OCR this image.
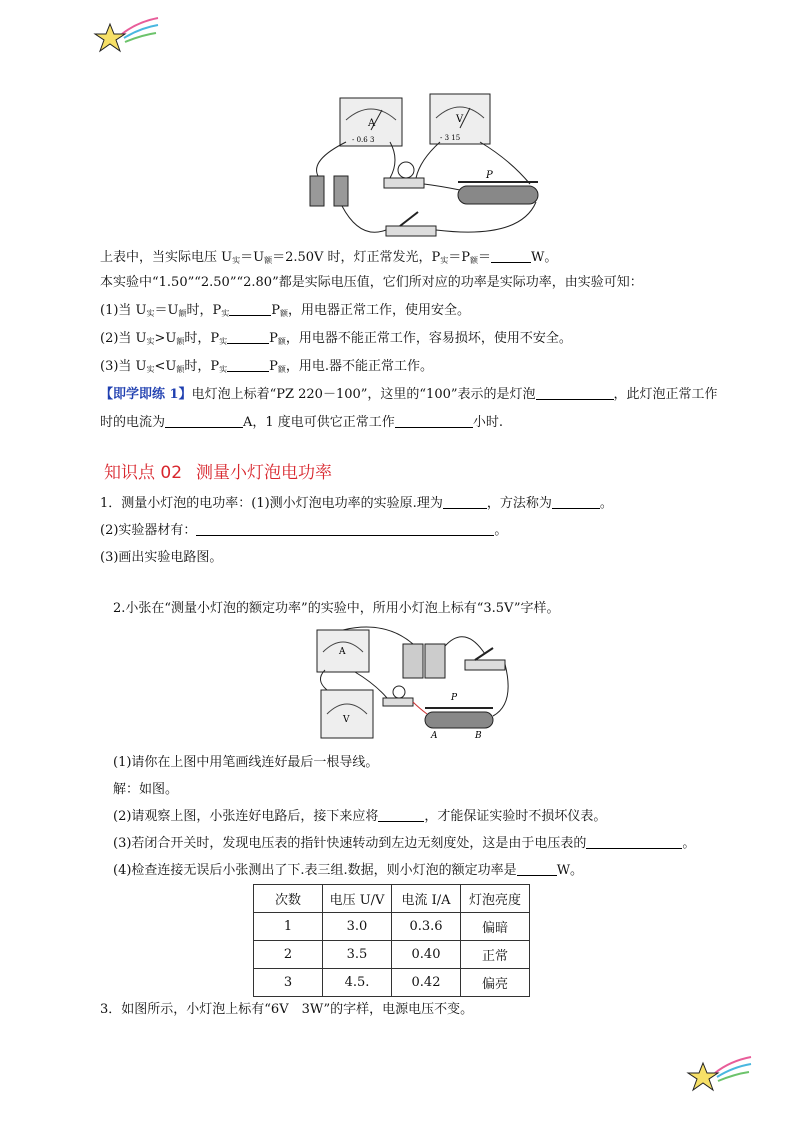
A
- 0.6 3
V
- 3 15
P
上表中，当实际电压 $U_实=U_额=2.50V$ 时，灯正常发光，$P_实=P_额=$	W。
本实验中“1.50”“2.50”“2.80”都是实际电压值，它们所对应的功率是实际功率，由实验可知：
(1)当 $U_实=U_额$时，$P_实$	$P_额$，用电器正常工作，使用安全。
(2)当 $U_实>U_额$时，$P_实$	$P_额$，用电器不能正常工作，容易损坏，使用不安全。
(3)当 $U_实<U_额$时，$P_实$	$P_额$，用电.器不能正常工作。
【即学即练 1】电灯泡上标着“PZ 220－100”，这里的“100”表示的是灯泡	，此灯泡正常工作
时的电流为	A，1 度电可供它正常工作	小时.
知识点 02 测量小灯泡电功率
1．测量小灯泡的电功率：(1)测小灯泡电功率的实验原.理为	，方法称为	。
(2)实验器材有：	。
(3)画出实验电路图。
2.小张在“测量小灯泡的额定功率”的实验中，所用小灯泡上标有“3.5V”字样。
A
V
P
A	B
(1)请你在上图中用笔画线连好最后一根导线。
解：如图。
(2)请观察上图，小张连好电路后，接下来应将	，才能保证实验时不损坏仪表。
(3)若闭合开关时，发现电压表的指针快速转动到左边无刻度处，这是由于电压表的	。
(4)检查连接无误后小张测出了下.表三组.数据，则小灯泡的额定功率是	W。
次数	电压 U/V	电流 I/A	灯泡亮度
1	3.0	0.3.6	偏暗
2	3.5	0.40	正常
3	4.5.	0.42	偏亮
3．如图所示，小灯泡上标有“6V　3W”的字样，电源电压不变。
